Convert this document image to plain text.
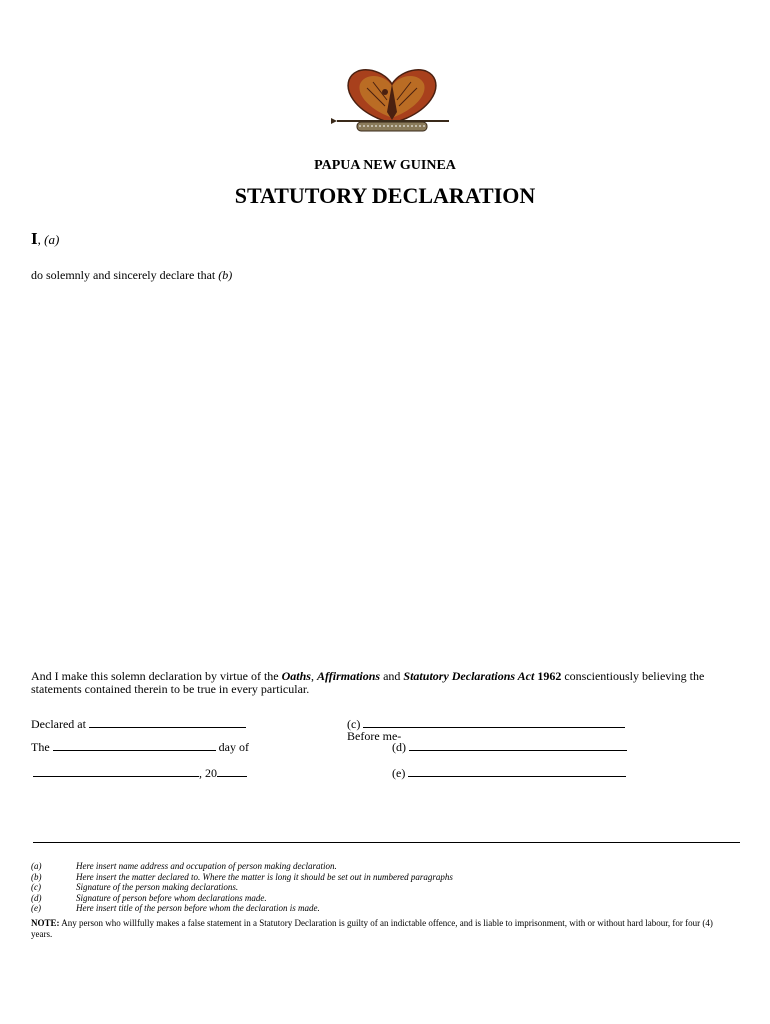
PAPUA NEW GUINEA
STATUTORY DECLARATION
I, (a)
do solemnly and sincerely declare that (b)
And I make this solemn declaration by virtue of the Oaths, Affirmations and Statutory Declarations Act 1962 conscientiously believing the statements contained therein to be true in every particular.
Declared at
The	day of
, 20
(c)
Before me-
(d)
(e)
(a)	Here insert name address and occupation of person making declaration.
(b)	Here insert the matter declared to. Where the matter is long it should be set out in numbered paragraphs
(c)	Signature of the person making declarations.
(d)	Signature of person before whom declarations made.
(e)	Here insert title of the person before whom the declaration is made.
NOTE: Any person who willfully makes a false statement in a Statutory Declaration is guilty of an indictable offence, and is liable to imprisonment, with or without hard labour, for four (4) years.
